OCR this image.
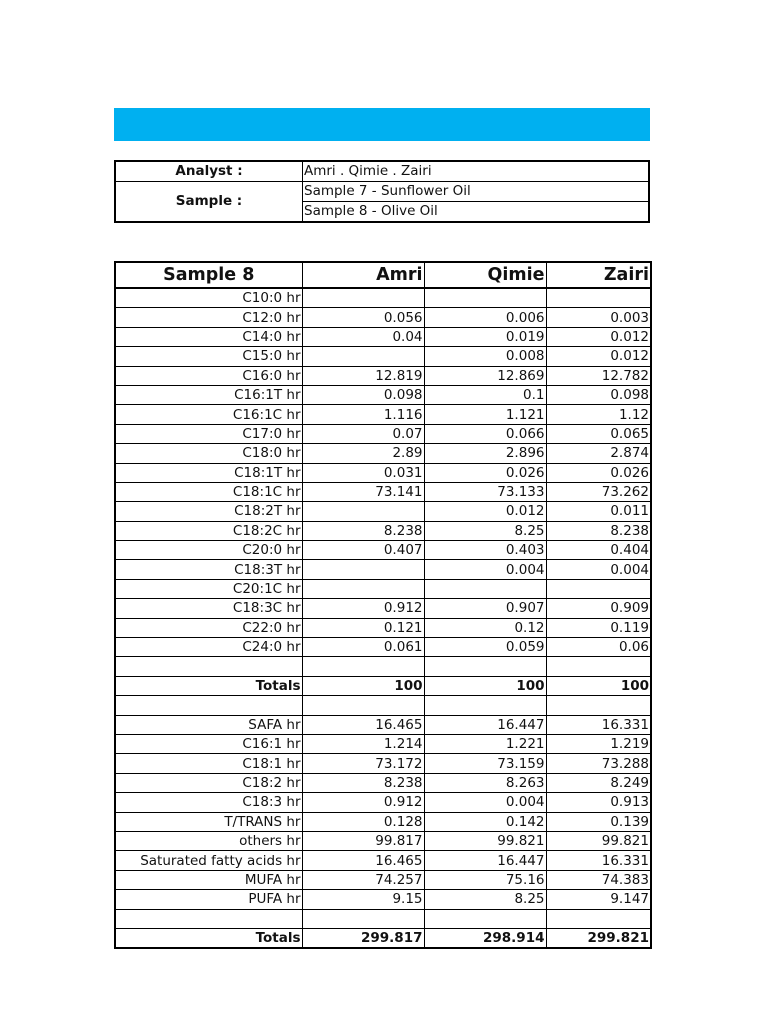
Analyst :	Amri . Qimie . Zairi
Sample :	Sample 7 - Sunflower Oil
	Sample 8 - Olive Oil
Sample 8	Amri	Qimie	Zairi
C10:0 hr			
C12:0 hr	0.056	0.006	0.003
C14:0 hr	0.04	0.019	0.012
C15:0 hr		0.008	0.012
C16:0 hr	12.819	12.869	12.782
C16:1T hr	0.098	0.1	0.098
C16:1C hr	1.116	1.121	1.12
C17:0 hr	0.07	0.066	0.065
C18:0 hr	2.89	2.896	2.874
C18:1T hr	0.031	0.026	0.026
C18:1C hr	73.141	73.133	73.262
C18:2T hr		0.012	0.011
C18:2C hr	8.238	8.25	8.238
C20:0 hr	0.407	0.403	0.404
C18:3T hr		0.004	0.004
C20:1C hr			
C18:3C hr	0.912	0.907	0.909
C22:0 hr	0.121	0.12	0.119
C24:0 hr	0.061	0.059	0.06

Totals	100	100	100

SAFA hr	16.465	16.447	16.331
C16:1 hr	1.214	1.221	1.219
C18:1 hr	73.172	73.159	73.288
C18:2 hr	8.238	8.263	8.249
C18:3 hr	0.912	0.004	0.913
T/TRANS hr	0.128	0.142	0.139
others hr	99.817	99.821	99.821
Saturated fatty acids hr	16.465	16.447	16.331
MUFA hr	74.257	75.16	74.383
PUFA hr	9.15	8.25	9.147

Totals	299.817	298.914	299.821
